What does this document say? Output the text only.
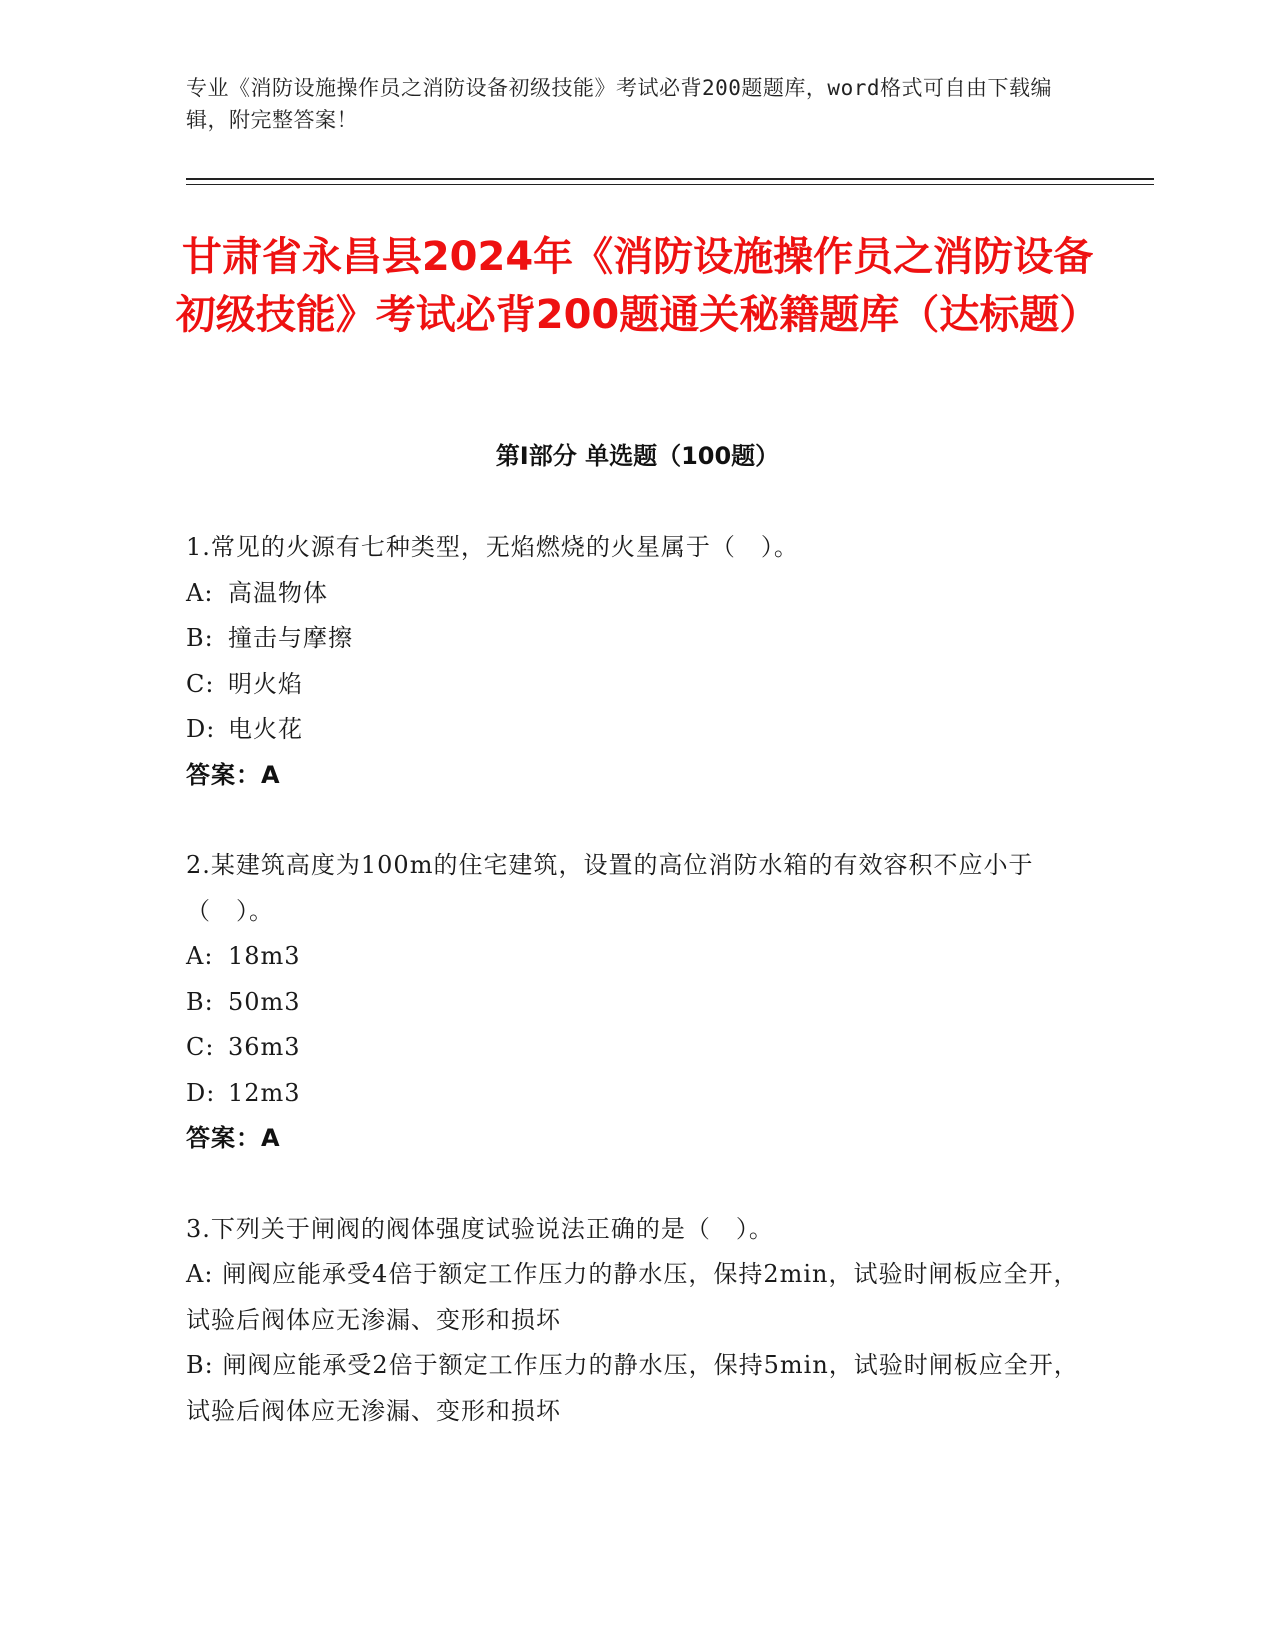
专业《消防设施操作员之消防设备初级技能》考试必背200题题库，word格式可自由下载编辑，附完整答案！
甘肃省永昌县2024年《消防设施操作员之消防设备初级技能》考试必背200题通关秘籍题库（达标题）
第I部分 单选题（100题）

1.常见的火源有七种类型，无焰燃烧的火星属于（　）。

A: 高温物体

B: 撞击与摩擦

C: 明火焰

D: 电火花

答案：A

2.某建筑高度为100m的住宅建筑，设置的高位消防水箱的有效容积不应小于（　）。

A: 18m3

B: 50m3

C: 36m3

D: 12m3

答案：A

3.下列关于闸阀的阀体强度试验说法正确的是（　）。

A: 闸阀应能承受4倍于额定工作压力的静水压，保持2min，试验时闸板应全开，试验后阀体应无渗漏、变形和损坏

B: 闸阀应能承受2倍于额定工作压力的静水压，保持5min，试验时闸板应全开，试验后阀体应无渗漏、变形和损坏
